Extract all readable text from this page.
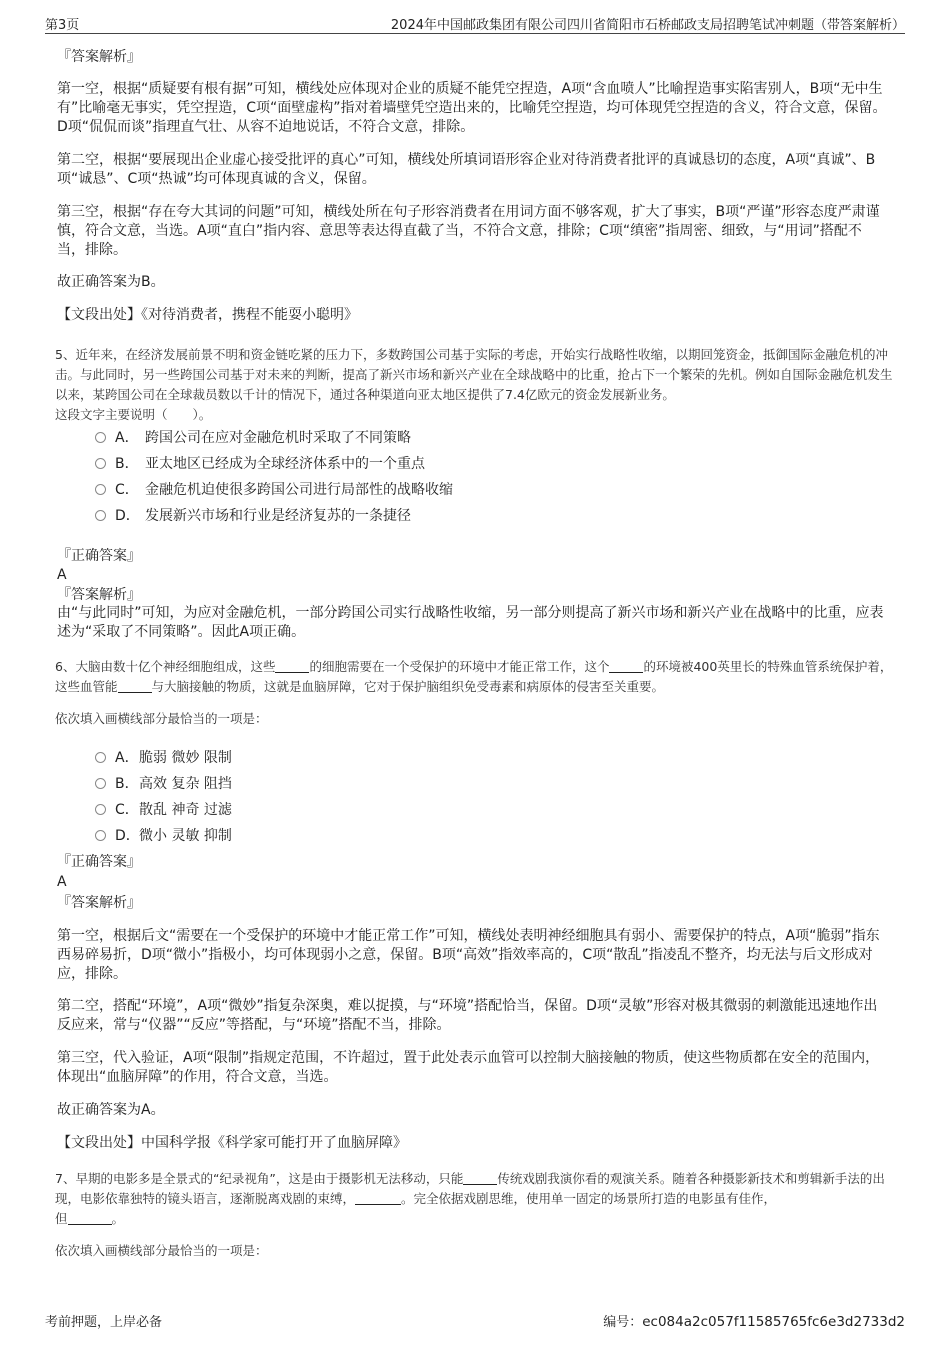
第3页	2024年中国邮政集团有限公司四川省简阳市石桥邮政支局招聘笔试冲刺题（带答案解析）
『答案解析』
第一空，根据“质疑要有根有据”可知，横线处应体现对企业的质疑不能凭空捏造，A项“含血喷人”比喻捏造事实陷害别人，B项“无中生有”比喻毫无事实，凭空捏造，C项“面壁虚构”指对着墙壁凭空造出来的，比喻凭空捏造，均可体现凭空捏造的含义，符合文意，保留。D项“侃侃而谈”指理直气壮、从容不迫地说话，不符合文意，排除。
第二空，根据“要展现出企业虚心接受批评的真心”可知，横线处所填词语形容企业对待消费者批评的真诚恳切的态度，A项“真诚”、B项“诚恳”、C项“热诚”均可体现真诚的含义，保留。
第三空，根据“存在夸大其词的问题”可知，横线处所在句子形容消费者在用词方面不够客观，扩大了事实，B项“严谨”形容态度严肃谨慎，符合文意，当选。A项“直白”指内容、意思等表达得直截了当，不符合文意，排除；C项“缜密”指周密、细致，与“用词”搭配不当，排除。
故正确答案为B。
【文段出处】《对待消费者，携程不能耍小聪明》
5、近年来，在经济发展前景不明和资金链吃紧的压力下，多数跨国公司基于实际的考虑，开始实行战略性收缩，以期回笼资金，抵御国际金融危机的冲击。与此同时，另一些跨国公司基于对未来的判断，提高了新兴市场和新兴产业在全球战略中的比重，抢占下一个繁荣的先机。例如自国际金融危机发生以来，某跨国公司在全球裁员数以千计的情况下，通过各种渠道向亚太地区提供了7.4亿欧元的资金发展新业务。
这段文字主要说明（　　）。
A． 跨国公司在应对金融危机时采取了不同策略
B． 亚太地区已经成为全球经济体系中的一个重点
C． 金融危机迫使很多跨国公司进行局部性的战略收缩
D． 发展新兴市场和行业是经济复苏的一条捷径
『正确答案』
A
『答案解析』
由“与此同时”可知，为应对金融危机，一部分跨国公司实行战略性收缩，另一部分则提高了新兴市场和新兴产业在战略中的比重，应表述为“采取了不同策略”。因此A项正确。
6、大脑由数十亿个神经细胞组成，这些	的细胞需要在一个受保护的环境中才能正常工作，这个	的环境被400英里长的特殊血管系统保护着，这些血管能	与大脑接触的物质，这就是血脑屏障，它对于保护脑组织免受毒素和病原体的侵害至关重要。
依次填入画横线部分最恰当的一项是：
A．脆弱 微妙 限制
B．高效 复杂 阻挡
C．散乱 神奇 过滤
D．微小 灵敏 抑制
『正确答案』
A
『答案解析』
第一空，根据后文“需要在一个受保护的环境中才能正常工作”可知，横线处表明神经细胞具有弱小、需要保护的特点，A项“脆弱”指东西易碎易折，D项“微小”指极小，均可体现弱小之意，保留。B项“高效”指效率高的，C项“散乱”指凌乱不整齐，均无法与后文形成对应，排除。
第二空，搭配“环境”，A项“微妙”指复杂深奥，难以捉摸，与“环境”搭配恰当，保留。D项“灵敏”形容对极其微弱的刺激能迅速地作出反应来，常与“仪器”“反应”等搭配，与“环境”搭配不当，排除。
第三空，代入验证，A项“限制”指规定范围，不许超过，置于此处表示血管可以控制大脑接触的物质，使这些物质都在安全的范围内，体现出“血脑屏障”的作用，符合文意，当选。
故正确答案为A。
【文段出处】中国科学报《科学家可能打开了血脑屏障》
7、早期的电影多是全景式的“纪录视角”，这是由于摄影机无法移动，只能	传统戏剧我演你看的观演关系。随着各种摄影新技术和剪辑新手法的出现，电影依靠独特的镜头语言，逐渐脱离戏剧的束缚，	。完全依据戏剧思维，使用单一固定的场景所打造的电影虽有佳作，
但	。
依次填入画横线部分最恰当的一项是：
考前押题，上岸必备	编号：ec084a2c057f11585765fc6e3d2733d2
